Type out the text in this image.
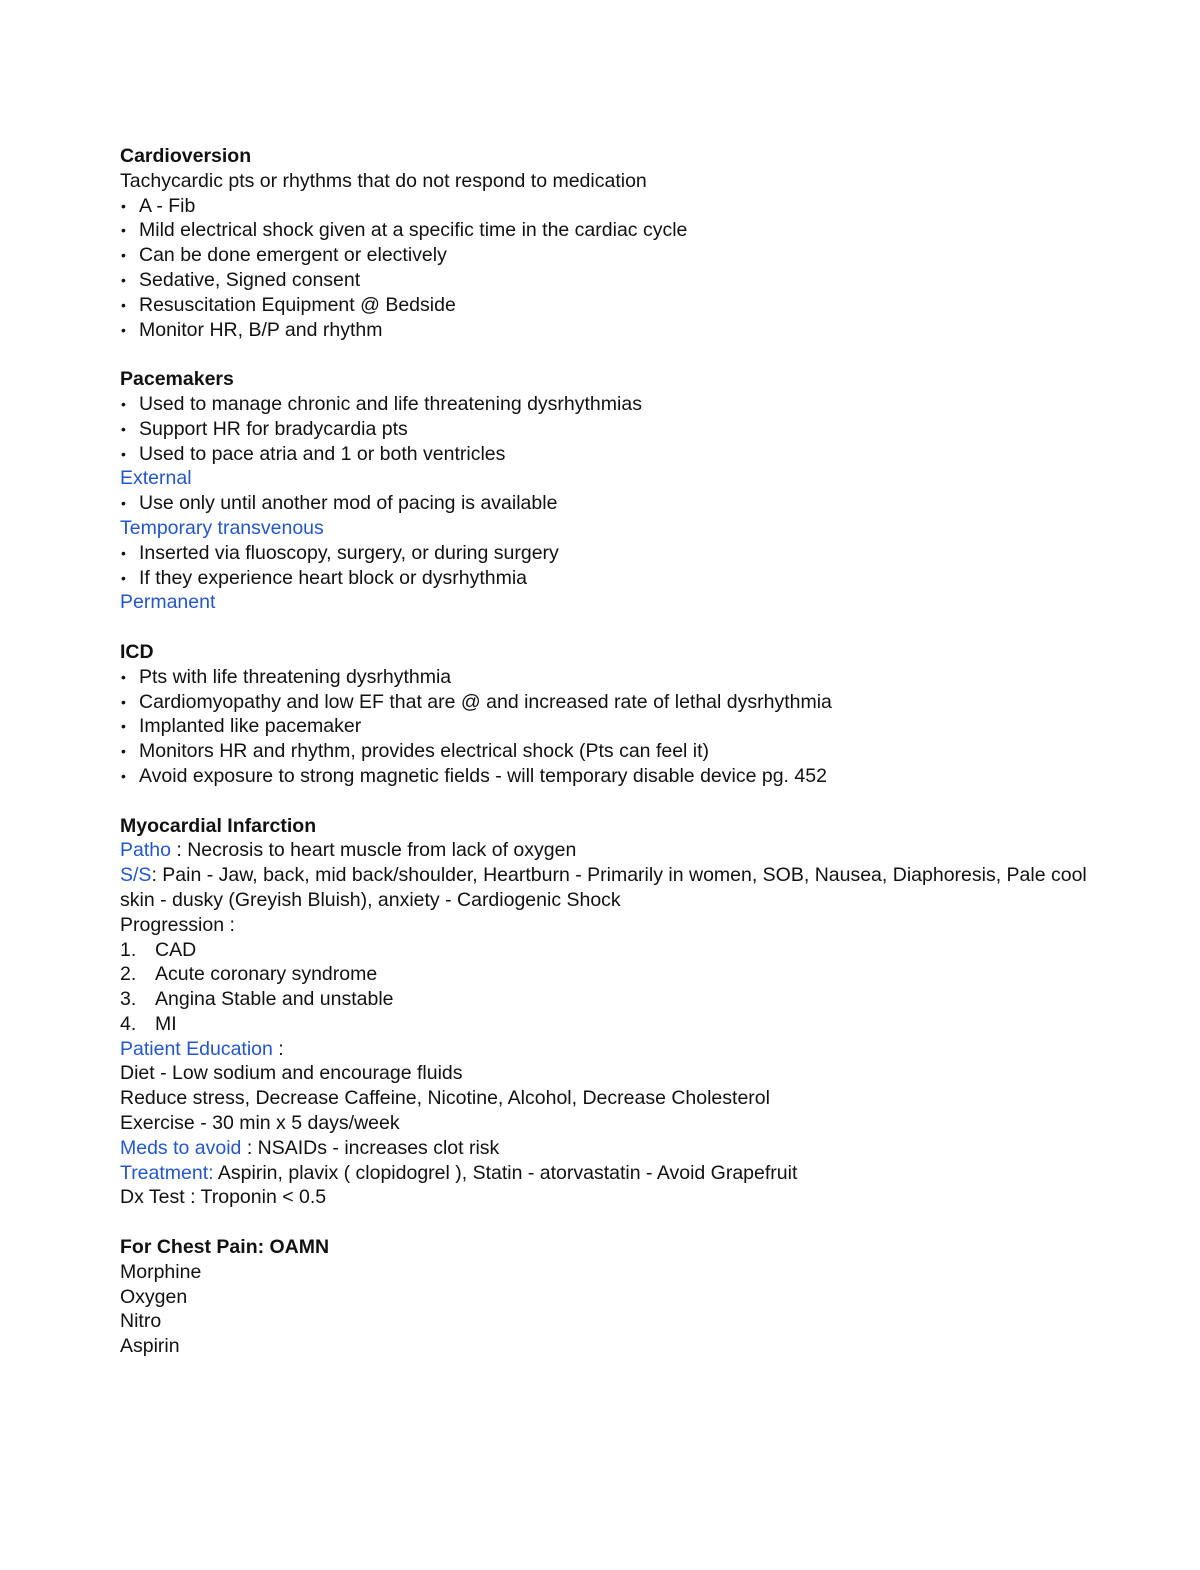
Cardioversion
Tachycardic pts or rhythms that do not respond to medication
• A - Fib
• Mild electrical shock given at a specific time in the cardiac cycle
• Can be done emergent or electively
• Sedative, Signed consent
• Resuscitation Equipment @ Bedside
• Monitor HR, B/P and rhythm
Pacemakers
• Used to manage chronic and life threatening dysrhythmias
• Support HR for bradycardia pts
• Used to pace atria and 1 or both ventricles
External
• Use only until another mod of pacing is available
Temporary transvenous
• Inserted via fluoscopy, surgery, or during surgery
• If they experience heart block or dysrhythmia
Permanent
ICD
• Pts with life threatening dysrhythmia
• Cardiomyopathy and low EF that are @ and increased rate of lethal dysrhythmia
• Implanted like pacemaker
• Monitors HR and rhythm, provides electrical shock (Pts can feel it)
• Avoid exposure to strong magnetic fields - will temporary disable device pg. 452
Myocardial Infarction
Patho : Necrosis to heart muscle from lack of oxygen
S/S: Pain - Jaw, back, mid back/shoulder, Heartburn - Primarily in women, SOB, Nausea, Diaphoresis, Pale cool skin - dusky (Greyish Bluish), anxiety - Cardiogenic Shock
Progression :
1. CAD
2. Acute coronary syndrome
3. Angina Stable and unstable
4. MI
Patient Education :
Diet - Low sodium and encourage fluids
Reduce stress, Decrease Caffeine, Nicotine, Alcohol, Decrease Cholesterol
Exercise - 30 min x 5 days/week
Meds to avoid : NSAIDs - increases clot risk
Treatment: Aspirin, plavix ( clopidogrel ), Statin - atorvastatin - Avoid Grapefruit
Dx Test : Troponin < 0.5
For Chest Pain: OAMN
Morphine
Oxygen
Nitro
Aspirin
